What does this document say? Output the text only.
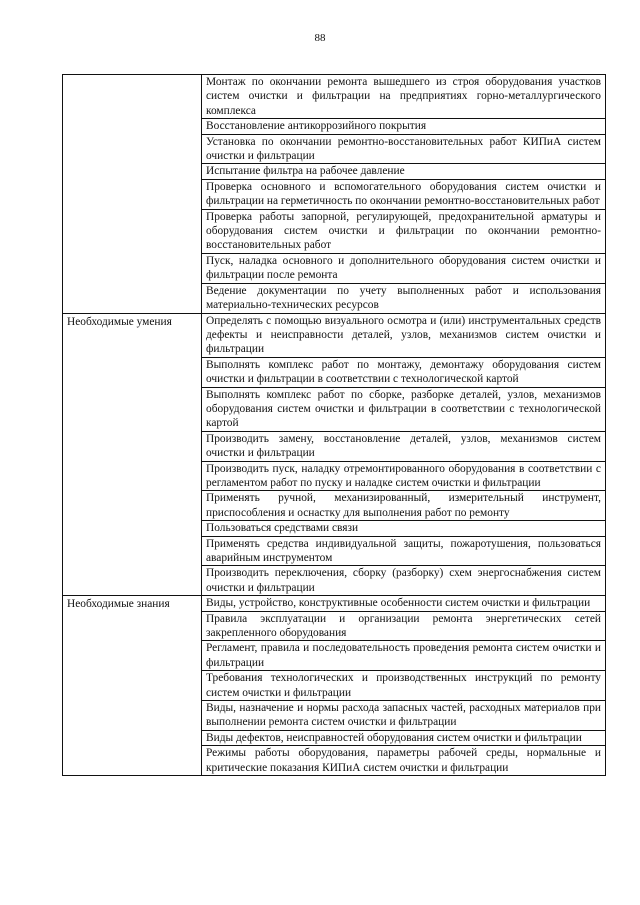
88
	Монтаж по окончании ремонта вышедшего из строя оборудования участков систем очистки и фильтрации на предприятиях горно-металлургического комплекса
	Восстановление антикоррозийного покрытия
	Установка по окончании ремонтно-восстановительных работ КИПиА систем очистки и фильтрации
	Испытание фильтра на рабочее давление
	Проверка основного и вспомогательного оборудования систем очистки и фильтрации на герметичность по окончании ремонтно-восстановительных работ
	Проверка работы запорной, регулирующей, предохранительной арматуры и оборудования систем очистки и фильтрации по окончании ремонтно-восстановительных работ
	Пуск, наладка основного и дополнительного оборудования систем очистки и фильтрации после ремонта
	Ведение документации по учету выполненных работ и использования материально-технических ресурсов
Необходимые умения	Определять с помощью визуального осмотра и (или) инструментальных средств дефекты и неисправности деталей, узлов, механизмов систем очистки и фильтрации
	Выполнять комплекс работ по монтажу, демонтажу оборудования систем очистки и фильтрации в соответствии с технологической картой
	Выполнять комплекс работ по сборке, разборке деталей, узлов, механизмов оборудования систем очистки и фильтрации в соответствии с технологической картой
	Производить замену, восстановление деталей, узлов, механизмов систем очистки и фильтрации
	Производить пуск, наладку отремонтированного оборудования в соответствии с регламентом работ по пуску и наладке систем очистки и фильтрации
	Применять ручной, механизированный, измерительный инструмент, приспособления и оснастку для выполнения работ по ремонту
	Пользоваться средствами связи
	Применять средства индивидуальной защиты, пожаротушения, пользоваться аварийным инструментом
	Производить переключения, сборку (разборку) схем энергоснабжения систем очистки и фильтрации
Необходимые знания	Виды, устройство, конструктивные особенности систем очистки и фильтрации
	Правила эксплуатации и организации ремонта энергетических сетей закрепленного оборудования
	Регламент, правила и последовательность проведения ремонта систем очистки и фильтрации
	Требования технологических и производственных инструкций по ремонту систем очистки и фильтрации
	Виды, назначение и нормы расхода запасных частей, расходных материалов при выполнении ремонта систем очистки и фильтрации
	Виды дефектов, неисправностей оборудования систем очистки и фильтрации
	Режимы работы оборудования, параметры рабочей среды, нормальные и критические показания КИПиА систем очистки и фильтрации
